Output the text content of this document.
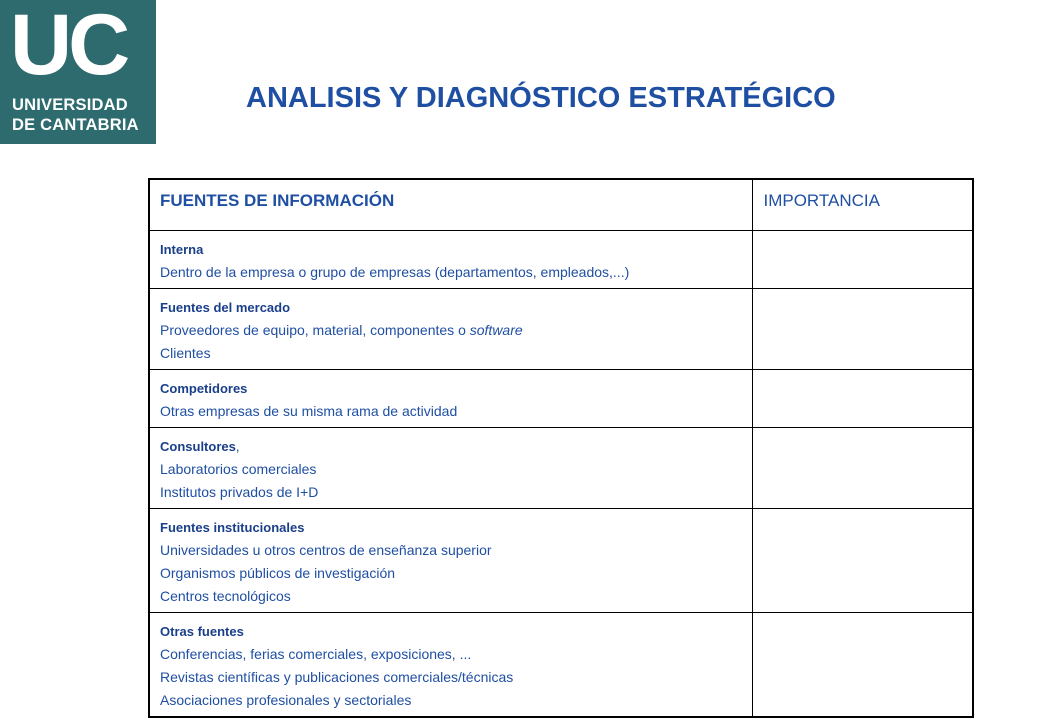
UC
UNIVERSIDAD
DE CANTABRIA
ANALISIS Y DIAGNÓSTICO ESTRATÉGICO
FUENTES DE INFORMACIÓN	IMPORTANCIA

Interna
Dentro de la empresa o grupo de empresas (departamentos, empleados,...)	

Fuentes del mercado
Proveedores de equipo, material, componentes o software
Clientes	

Competidores
Otras empresas de su misma rama de actividad	

Consultores,
Laboratorios comerciales
Institutos privados de I+D	

Fuentes institucionales
Universidades u otros centros de enseñanza superior
Organismos públicos de investigación
Centros tecnológicos	

Otras fuentes
Conferencias, ferias comerciales, exposiciones, ...
Revistas científicas y publicaciones comerciales/técnicas
Asociaciones profesionales y sectoriales	
